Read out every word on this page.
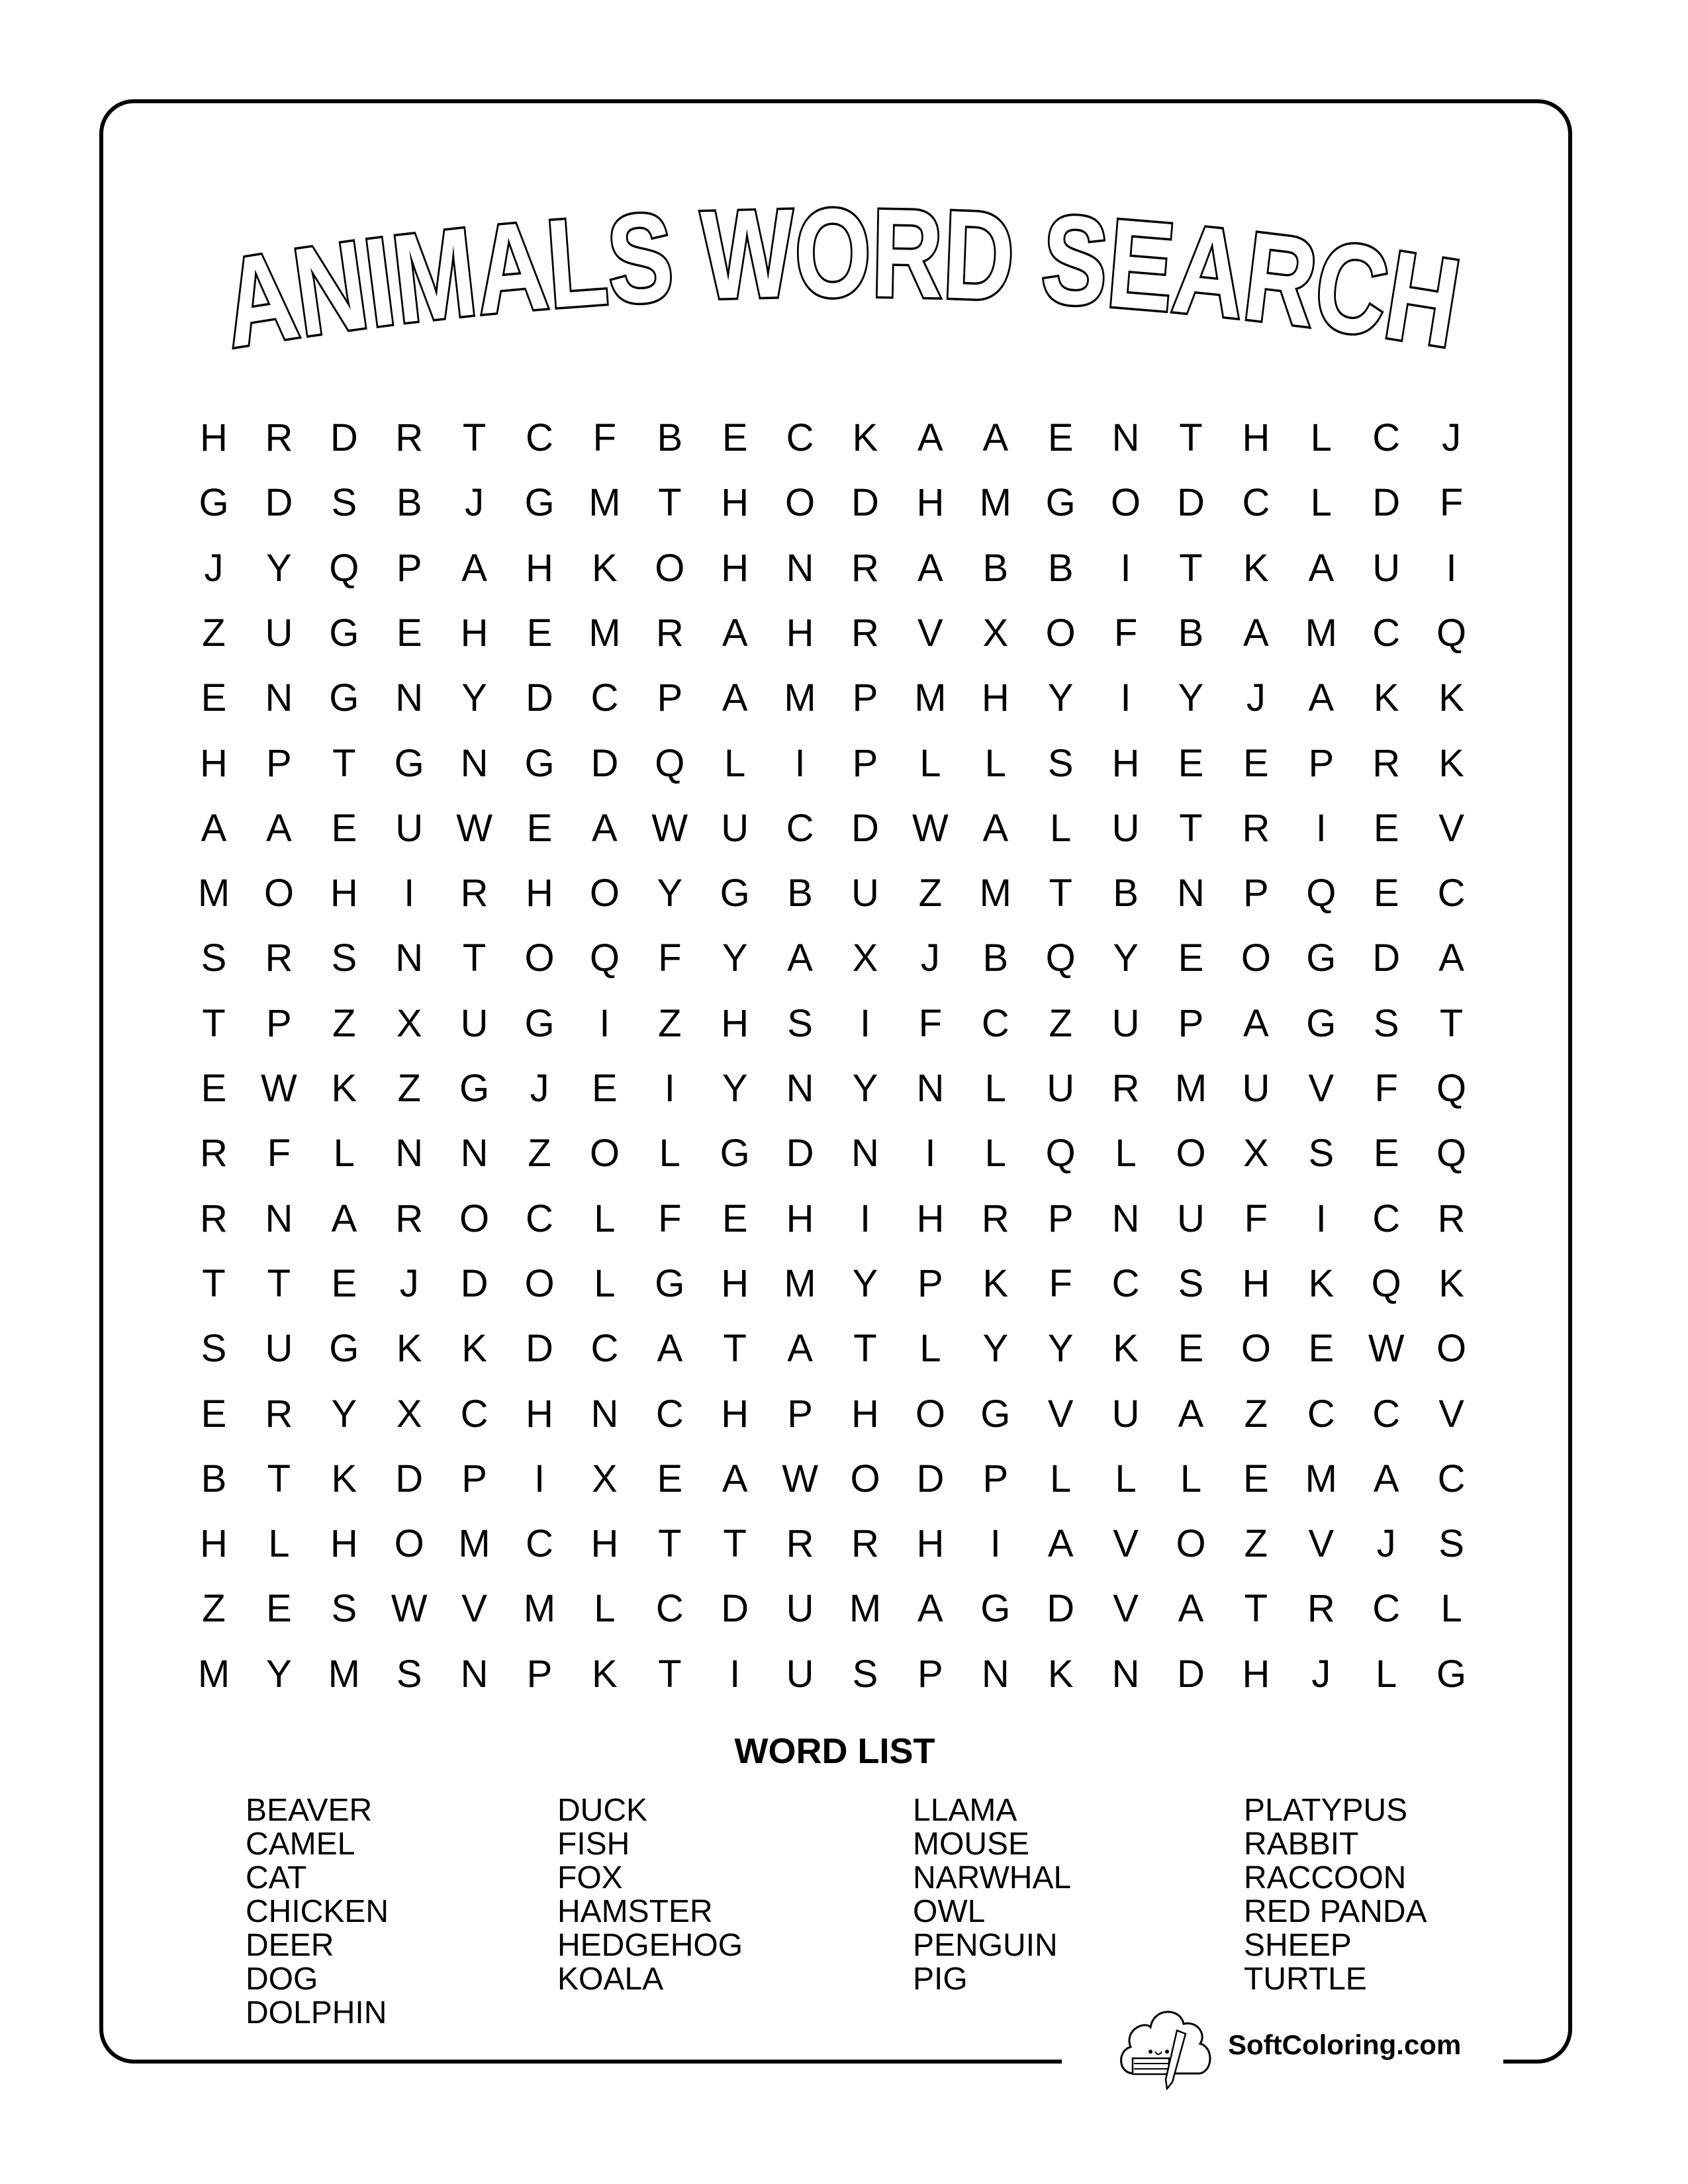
ANIMALS WORD SEARCH
H R D R	T	C	F	B	E	C	K	A	A	E	N	T	H	L	C	J
G D	S	B	J	G M T	H O D H M G O D C	L	D	F
J	Y Q P	A	H	K O H N R	A	B	B	I	T	K	A	U	I
Z	U G E	H	E M R	A	H R	V	X O	F	B	A M C Q
E	N G N	Y	D C	P	A M P M H	Y	I	Y	J	A	K	K
H	P	T	G N G D Q	L	I	P	L	L	S	H	E	E	P	R	K
A	A	E	U W E	A W U C D W A	L	U	T	R	I	E	V
M O H	I	R H O Y G B	U	Z M T	B	N	P Q E	C
S	R	S	N	T	O Q	F	Y	A	X	J	B Q Y	E O G D	A
T	P	Z	X	U G	I	Z	H	S	I	F	C	Z	U	P	A G S	T
E W K	Z	G	J	E	I	Y	N	Y	N	L	U R M U	V	F	Q
R	F	L	N N	Z	O	L	G D N	I	L	Q	L	O X	S	E Q
R N	A	R O C	L	F	E	H	I	H R	P	N U	F	I	C R
T	T	E	J	D O	L	G H M Y	P	K	F	C	S	H	K Q K
S	U G K	K	D C	A	T	A	T	L	Y	Y	K	E O E W O
E	R	Y	X	C H N C H	P	H O G V	U	A	Z	C C	V
B	T	K	D	P	I	X	E	A W O D	P	L	L	L	E M A	C
H	L	H O M C H	T	T	R R H	I	A	V O	Z	V	J	S
Z	E	S W V M	L	C D U M A G D	V	A	T	R C	L
M Y M S	N	P	K	T	I	U	S	P	N	K	N D H	J	L	G
WORD LIST
BEAVER
CAMEL
CAT
CHICKEN
DEER
DOG
DOLPHIN
DUCK
FISH
FOX
HAMSTER
HEDGEHOG
KOALA
LLAMA
MOUSE
NARWHAL
OWL
PENGUIN
PIG
PLATYPUS
RABBIT
RACCOON
RED PANDA
SHEEP
TURTLE
SoftColoring.com
